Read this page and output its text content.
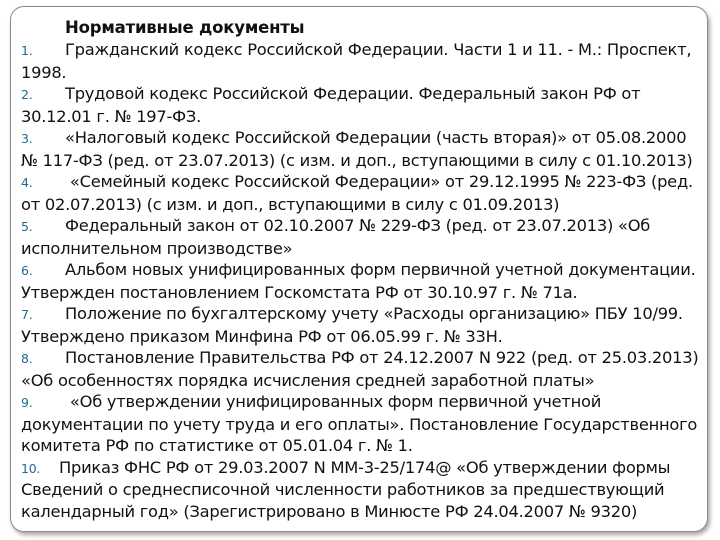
Нормативные документы
1. Гражданский кодекс Российской Федерации. Части 1 и 11. - М.: Проспект, 1998.
2. Трудовой кодекс Российской Федерации. Федеральный закон РФ от 30.12.01 г. № 197-ФЗ.
3. «Налоговый кодекс Российской Федерации (часть вторая)» от 05.08.2000 № 117-ФЗ (ред. от 23.07.2013) (с изм. и доп., вступающими в силу с 01.10.2013)
4. «Семейный кодекс Российской Федерации» от 29.12.1995 № 223-ФЗ (ред. от 02.07.2013) (с изм. и доп., вступающими в силу с 01.09.2013)
5. Федеральный закон от 02.10.2007 № 229-ФЗ (ред. от 23.07.2013) «Об исполнительном производстве»
6. Альбом новых унифицированных форм первичной учетной документации. Утвержден постановлением Госкомстата РФ от 30.10.97 г. № 71а.
7. Положение по бухгалтерскому учету «Расходы организацию» ПБУ 10/99. Утверждено приказом Минфина РФ от 06.05.99 г. № 33Н.
8. Постановление Правительства РФ от 24.12.2007 N 922 (ред. от 25.03.2013) «Об особенностях порядка исчисления средней заработной платы»
9. «Об утверждении унифицированных форм первичной учетной документации по учету труда и его оплаты». Постановление Государственного комитета РФ по статистике от 05.01.04 г. № 1.
10. Приказ ФНС РФ от 29.03.2007 N ММ-3-25/174@ «Об утверждении формы Сведений о среднесписочной численности работников за предшествующий календарный год» (Зарегистрировано в Минюсте РФ 24.04.2007 № 9320)
